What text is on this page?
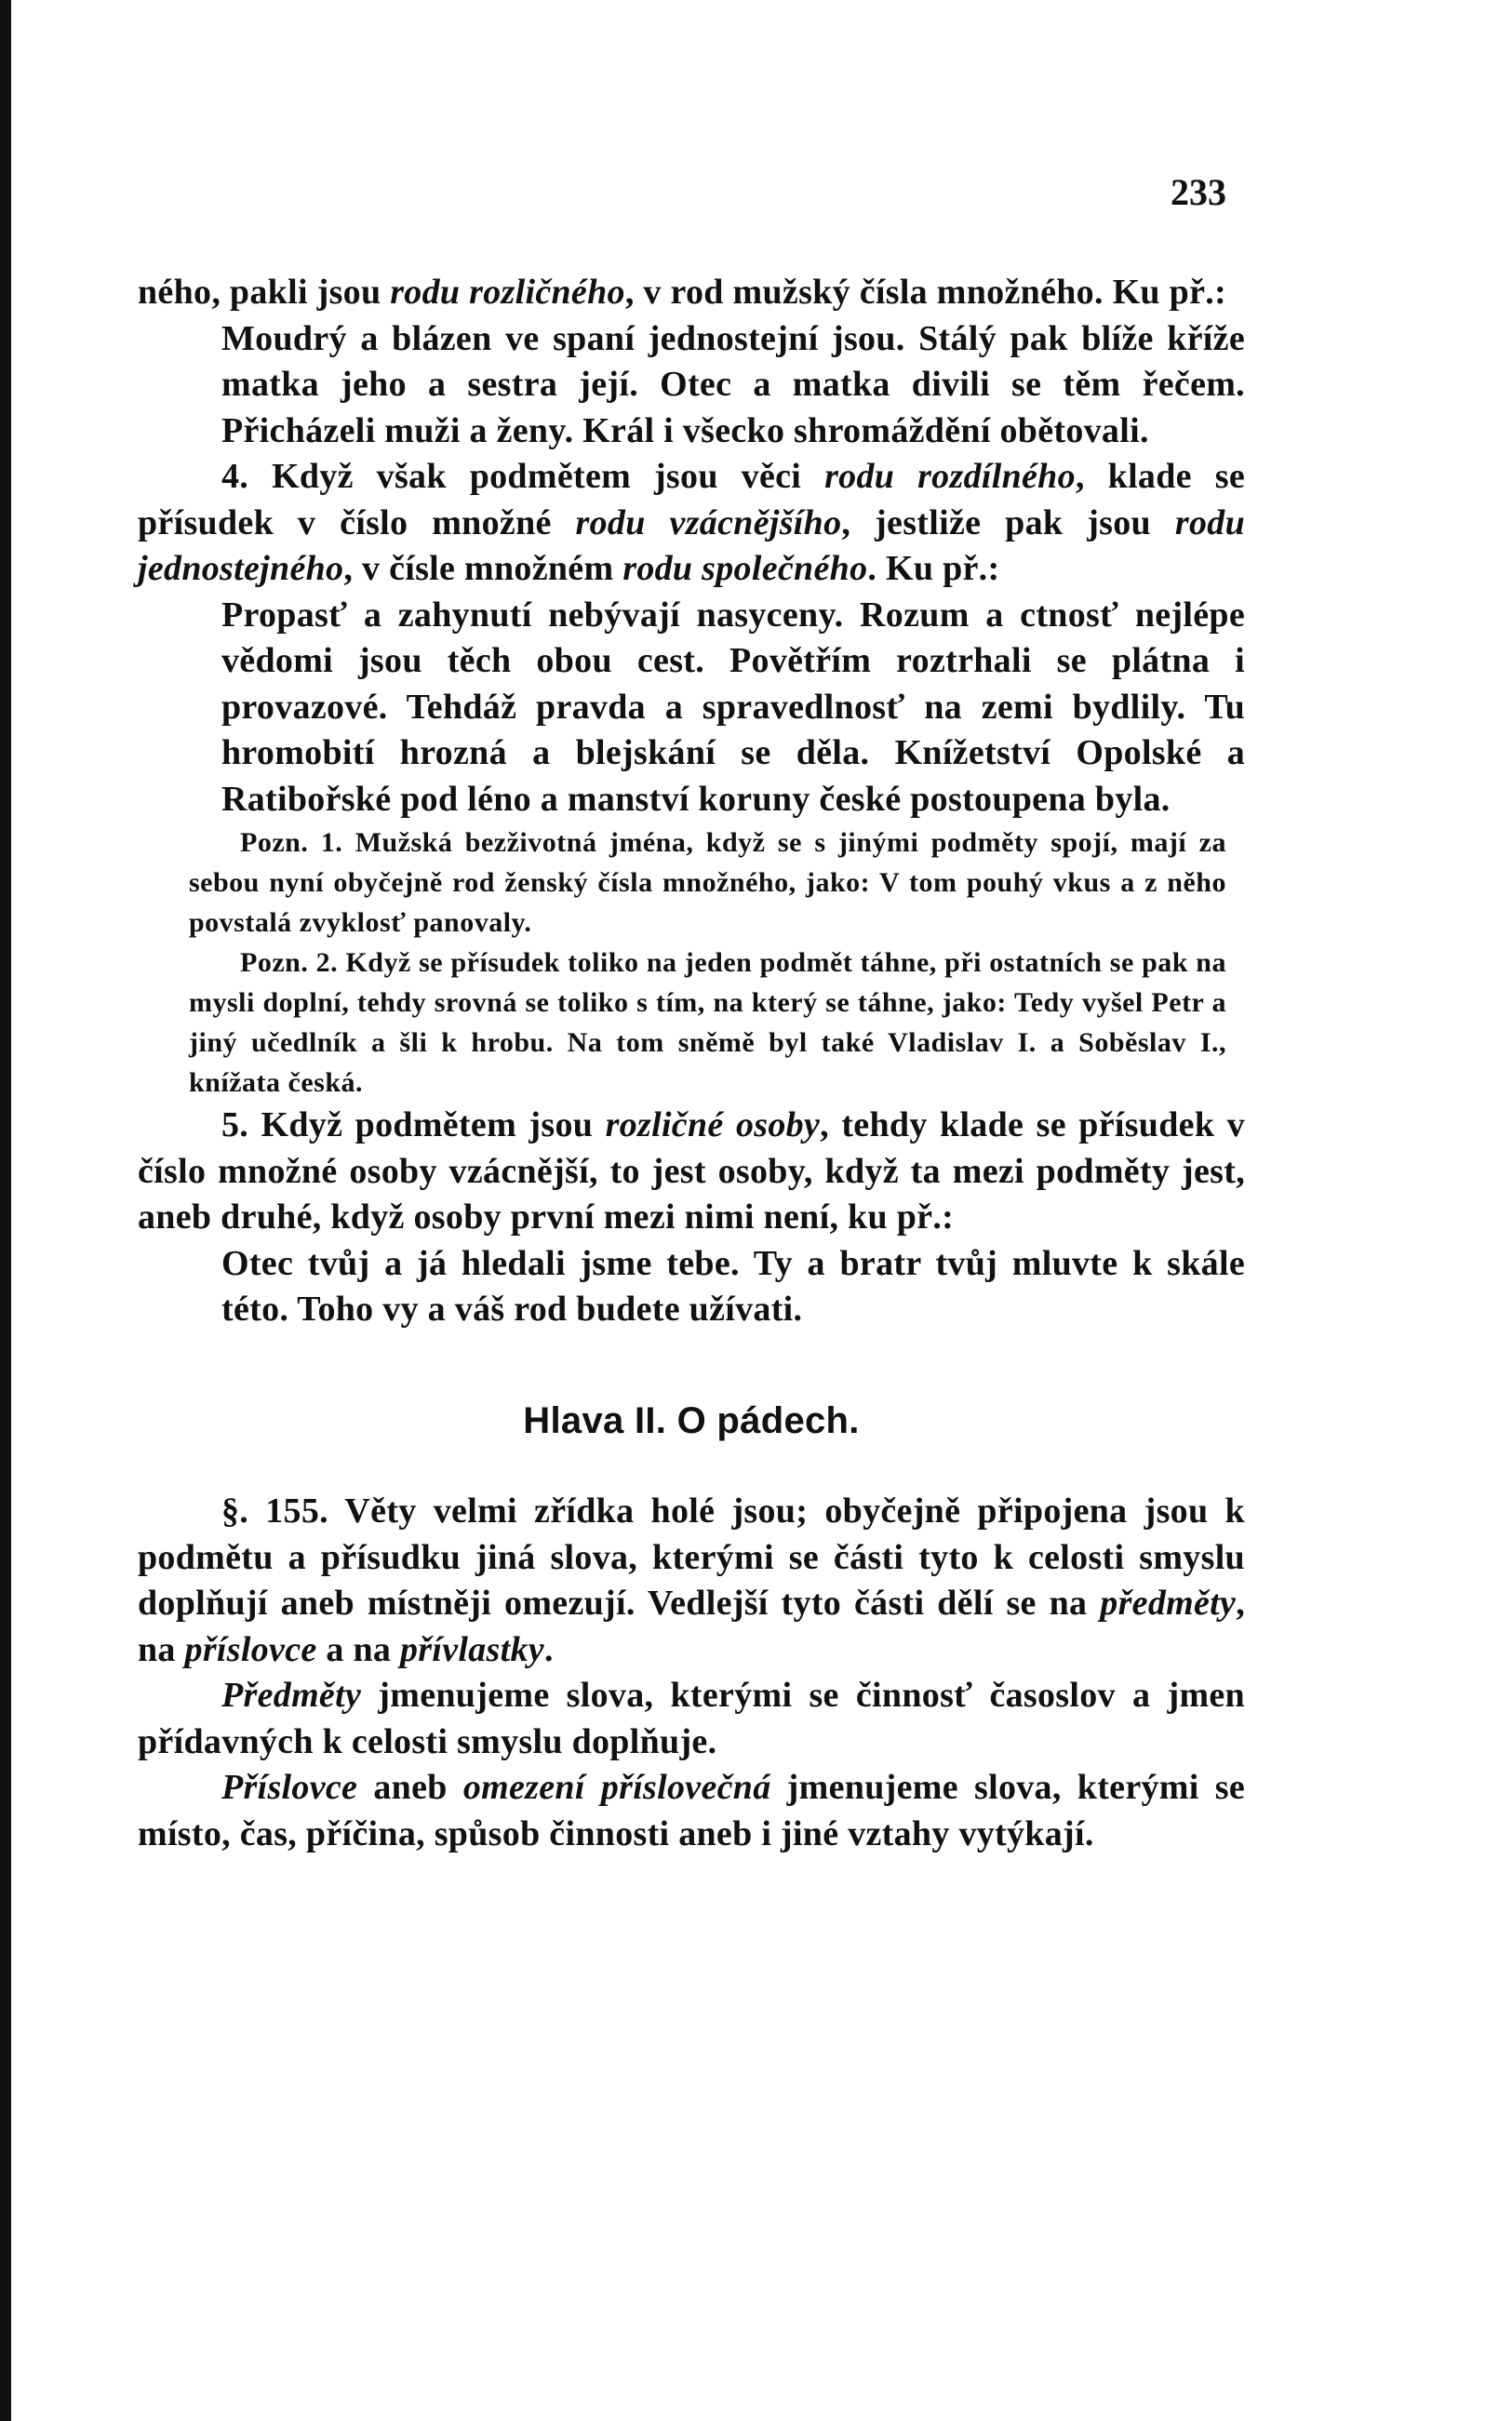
233

ného, pakli jsou rodu rozličného, v rod mužský čísla množného. Ku př.:

Moudrý a blázen ve spaní jednostejní jsou. Stálý pak blíže kříže matka jeho a sestra její. Otec a matka divili se těm řečem. Přicházeli muži a ženy. Král i všecko shromáždění obětovali.

4. Když však podmětem jsou věci rodu rozdílného, klade se přísudek v číslo množné rodu vzácnějšího, jestliže pak jsou rodu jednostejného, v čísle množném rodu společného. Ku př.:

Propasť a zahynutí nebývají nasyceny. Rozum a ctnosť nejlépe vědomi jsou těch obou cest. Povětřím roztrhali se plátna i provazové. Tehdáž pravda a spravedlnosť na zemi bydlily. Tu hromobití hrozná a blejskání se děla. Knížetství Opolské a Ratibořské pod léno a manství koruny české postoupena byla.

Pozn. 1. Mužská bezživotná jména, když se s jinými podměty spojí, mají za sebou nyní obyčejně rod ženský čísla množného, jako: V tom pouhý vkus a z něho povstalá zvyklosť panovaly.

Pozn. 2. Když se přísudek toliko na jeden podmět táhne, při ostatních se pak na mysli doplní, tehdy srovná se toliko s tím, na který se táhne, jako: Tedy vyšel Petr a jiný učedlník a šli k hrobu. Na tom sněmě byl také Vladislav I. a Soběslav I., knížata česká.

5. Když podmětem jsou rozličné osoby, tehdy klade se přísudek v číslo množné osoby vzácnější, to jest osoby, když ta mezi podměty jest, aneb druhé, když osoby první mezi nimi není, ku př.:

Otec tvůj a já hledali jsme tebe. Ty a bratr tvůj mluvte k skále této. Toho vy a váš rod budete užívati.

Hlava II. O pádech.

§. 155. Věty velmi zřídka holé jsou; obyčejně připojena jsou k podmětu a přísudku jiná slova, kterými se části tyto k celosti smyslu doplňují aneb místněji omezují. Vedlejší tyto části dělí se na předměty, na příslovce a na přívlastky.

Předměty jmenujeme slova, kterými se činnosť časoslov a jmen přídavných k celosti smyslu doplňuje.

Příslovce aneb omezení příslovečná jmenujeme slova, kterými se místo, čas, příčina, spůsob činnosti aneb i jiné vztahy vytýkají.
